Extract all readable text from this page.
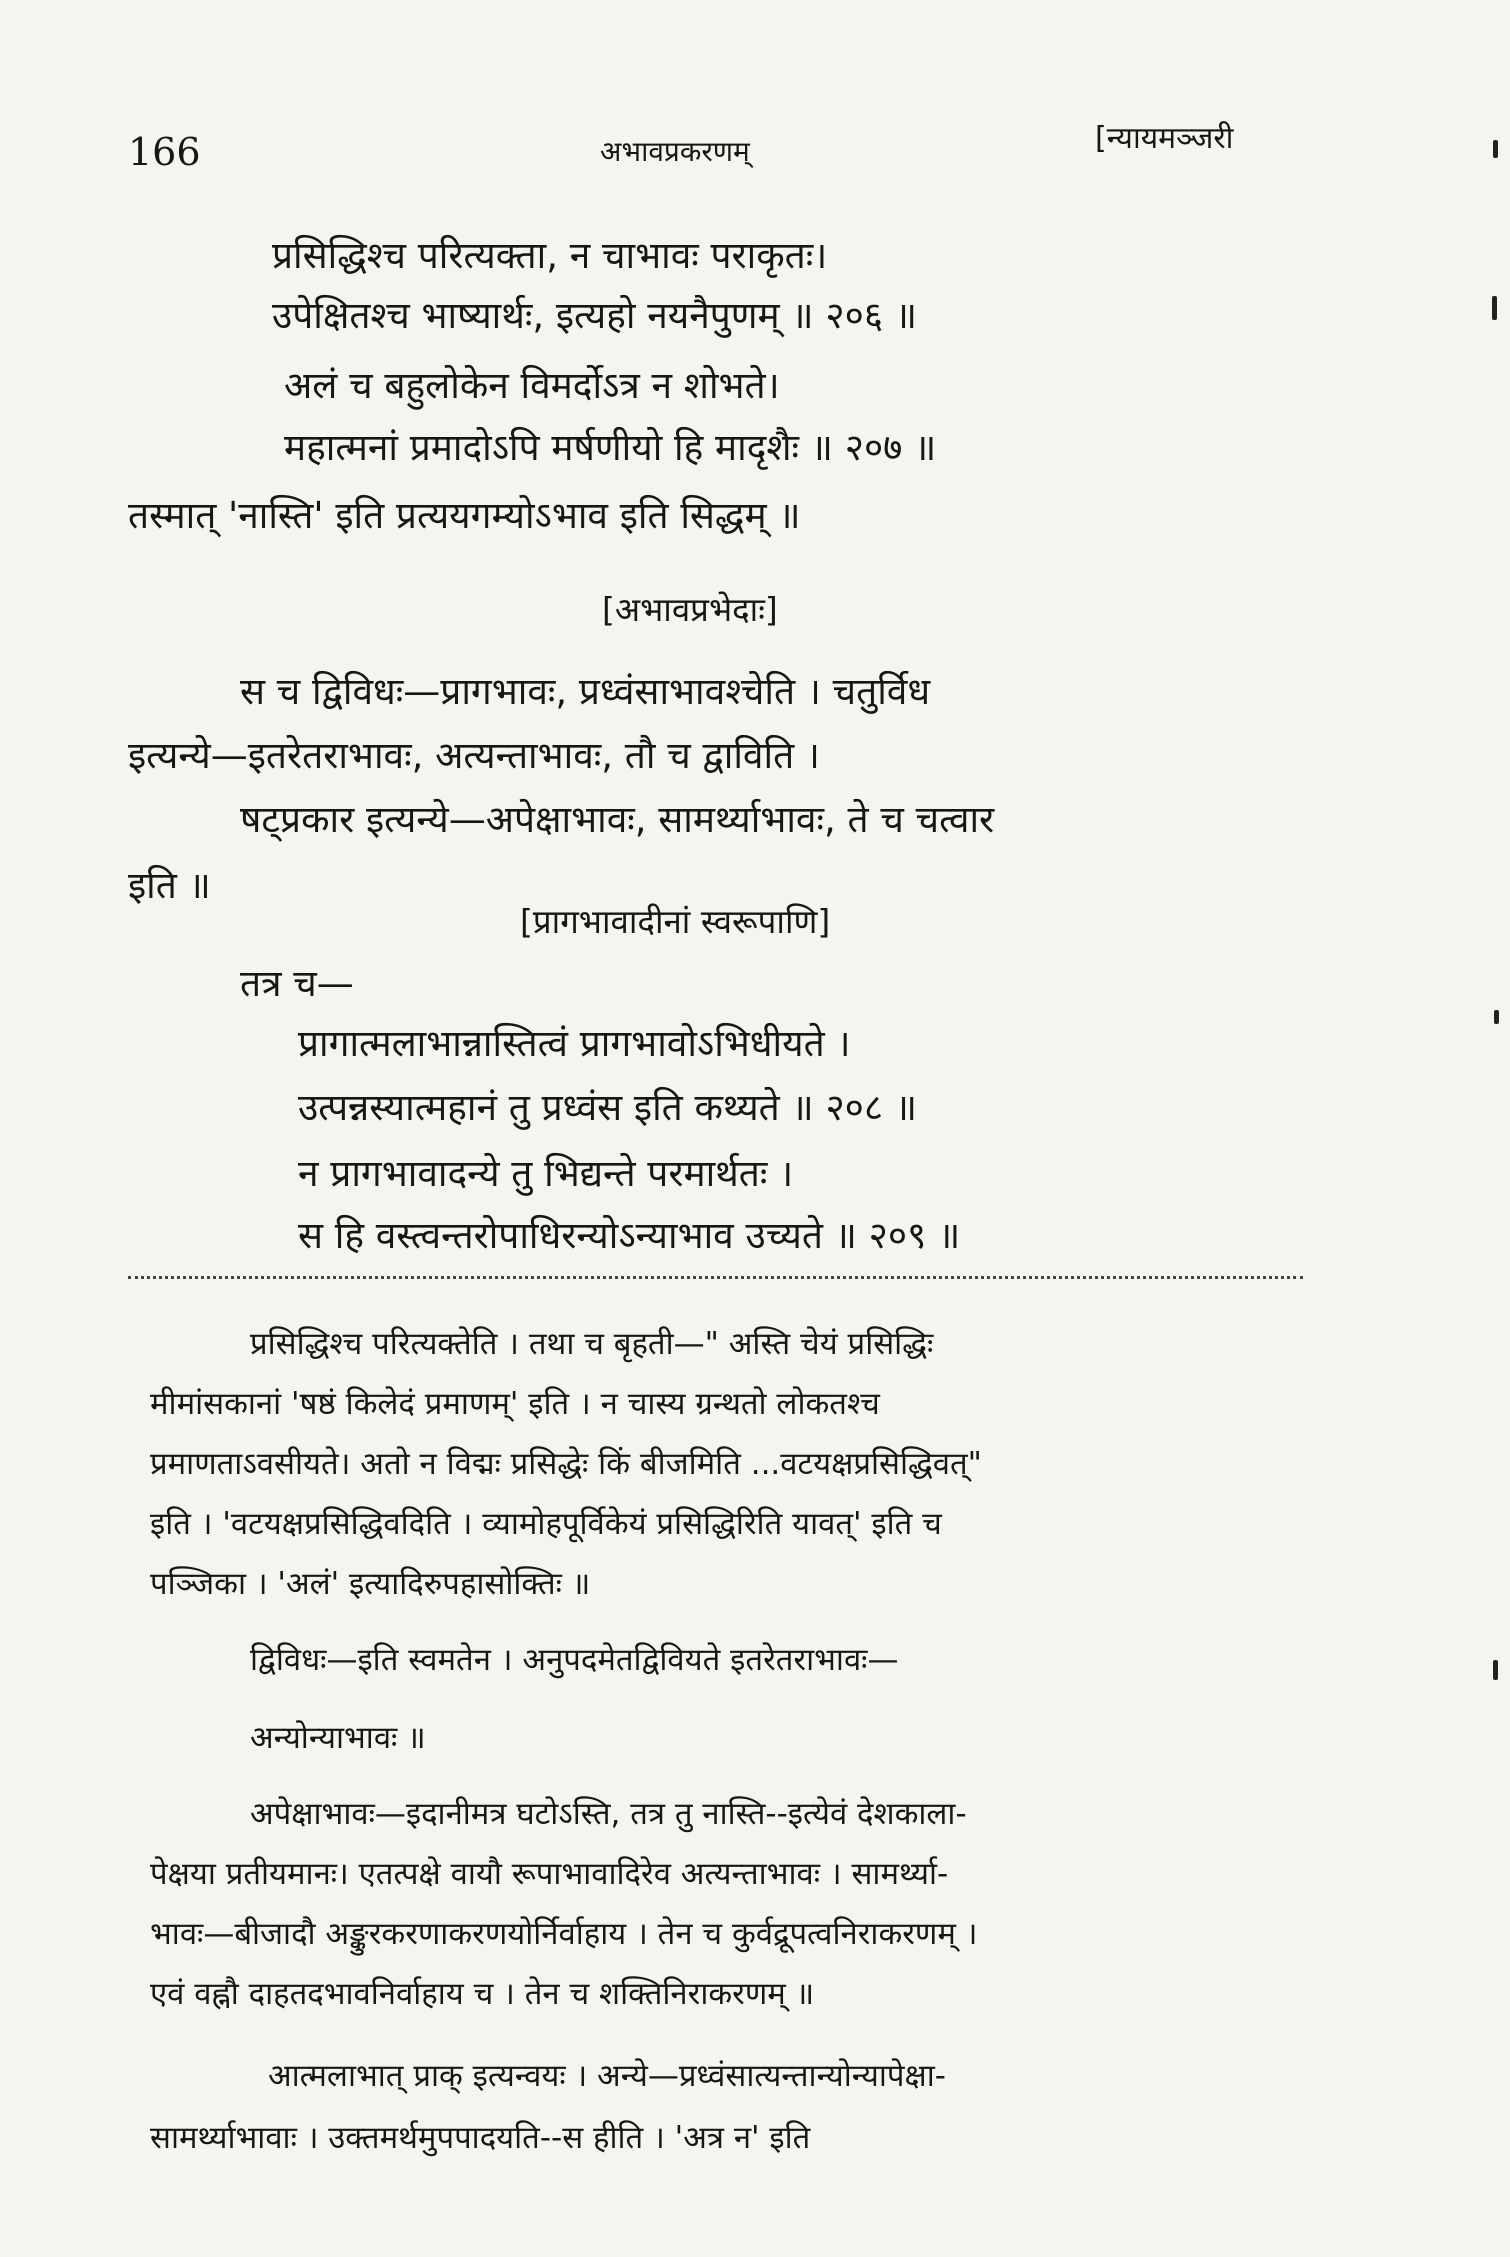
166	अभावप्रकरणम्	[न्यायमञ्जरी
प्रसिद्धिश्च परित्यक्ता, न चाभावः पराकृतः।
उपेक्षितश्च भाष्यार्थः, इत्यहो नयनैपुणम् ॥ २०६ ॥
अलं च बहुलोकेन विमर्दोऽत्र न शोभते।
महात्मनां प्रमादोऽपि मर्षणीयो हि मादृशैः ॥ २०७ ॥
तस्मात् 'नास्ति' इति प्रत्ययगम्योऽभाव इति सिद्धम् ॥
[अभावप्रभेदाः]
स च द्विविधः—प्रागभावः, प्रध्वंसाभावश्चेति । चतुर्विध
इत्यन्ये—इतरेतराभावः, अत्यन्ताभावः, तौ च द्वाविति ।
षट्प्रकार इत्यन्ये—अपेक्षाभावः, सामर्थ्याभावः, ते च चत्वार
इति ॥
[प्रागभावादीनां स्वरूपाणि]
तत्र च—
प्रागात्मलाभान्नास्तित्वं प्रागभावोऽभिधीयते ।
उत्पन्नस्यात्महानं तु प्रध्वंस इति कथ्यते ॥ २०८ ॥
न प्रागभावादन्ये तु भिद्यन्ते परमार्थतः ।
स हि वस्त्वन्तरोपाधिरन्योऽन्याभाव उच्यते ॥ २०९ ॥
प्रसिद्धिश्च परित्यक्तेति । तथा च बृहती—" अस्ति चेयं प्रसिद्धिः
मीमांसकानां 'षष्ठं किलेदं प्रमाणम्' इति । न चास्य ग्रन्थतो लोकतश्च
प्रमाणताऽवसीयते। अतो न विद्मः प्रसिद्धेः किं बीजमिति ...वटयक्षप्रसिद्धिवत्"
इति । 'वटयक्षप्रसिद्धिवदिति । व्यामोहपूर्विकेयं प्रसिद्धिरिति यावत्' इति च
पञ्जिका । 'अलं' इत्यादिरुपहासोक्तिः ॥
द्विविधः—इति स्वमतेन । अनुपदमेतद्विवियते इतरेतराभावः—
अन्योन्याभावः ॥
अपेक्षाभावः—इदानीमत्र घटोऽस्ति, तत्र तु नास्ति--इत्येवं देशकाला-
पेक्षया प्रतीयमानः। एतत्पक्षे वायौ रूपाभावादिरेव अत्यन्ताभावः । सामर्थ्या-
भावः—बीजादौ अङ्कुरकरणाकरणयोर्निर्वाहाय । तेन च कुर्वद्रूपत्वनिराकरणम् ।
एवं वह्नौ दाहतदभावनिर्वाहाय च । तेन च शक्तिनिराकरणम् ॥
आत्मलाभात् प्राक् इत्यन्वयः । अन्ये—प्रध्वंसात्यन्तान्योन्यापेक्षा-
सामर्थ्याभावाः । उक्तमर्थमुपपादयति--स हीति । 'अत्र न' इति
